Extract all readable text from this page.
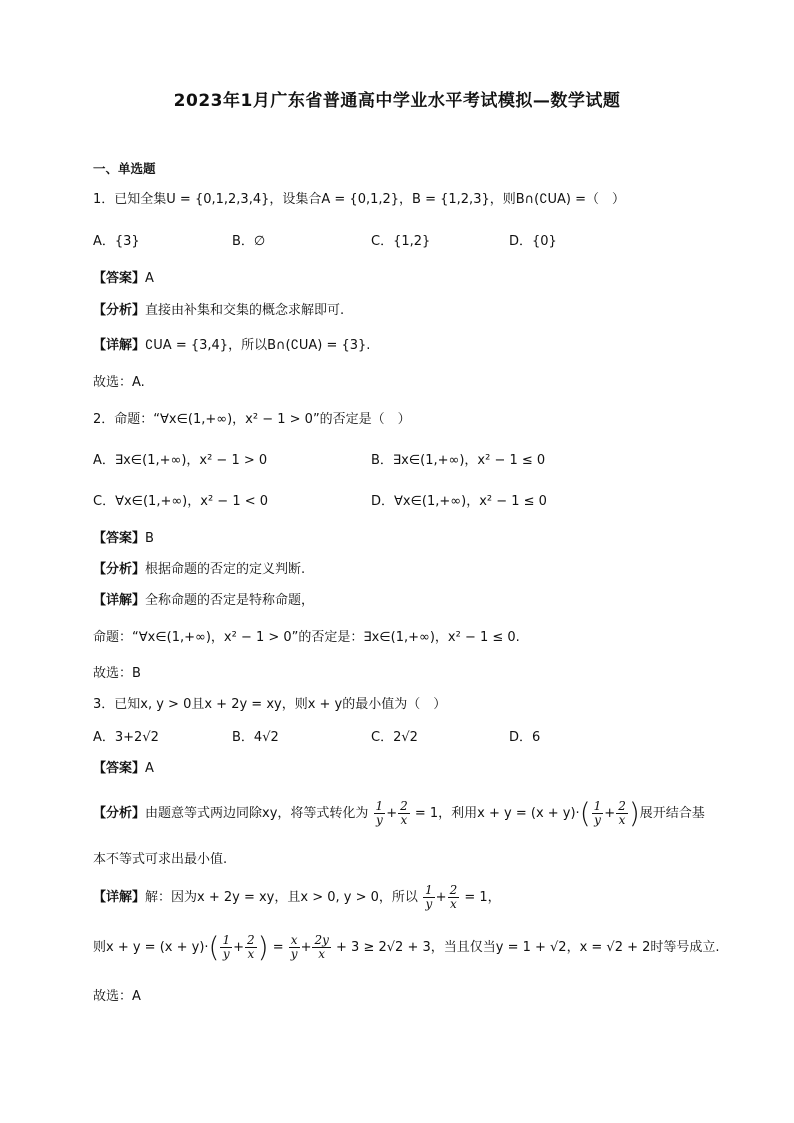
2023年1月广东省普通高中学业水平考试模拟—数学试题
一、单选题
1．已知全集U = {0,1,2,3,4}，设集合A = {0,1,2}，B = {1,2,3}，则B∩(∁UA) =（　）
A．{3}	B．∅	C．{1,2}	D．{0}
【答案】A
【分析】直接由补集和交集的概念求解即可.
【详解】∁UA = {3,4}，所以B∩(∁UA) = {3}.
故选：A.
2．命题：“∀x∈(1,+∞)，x² − 1 > 0”的否定是（　）
A．∃x∈(1,+∞)，x² − 1 > 0	B．∃x∈(1,+∞)，x² − 1 ≤ 0
C．∀x∈(1,+∞)，x² − 1 < 0	D．∀x∈(1,+∞)，x² − 1 ≤ 0
【答案】B
【分析】根据命题的否定的定义判断.
【详解】全称命题的否定是特称命题，
命题：“∀x∈(1,+∞)，x² − 1 > 0”的否定是：∃x∈(1,+∞)，x² − 1 ≤ 0.
故选：B
3．已知x, y > 0且x + 2y = xy，则x + y的最小值为（　）
A．3+2√2	B．4√2	C．2√2	D．6
【答案】A
【分析】由题意等式两边同除xy，将等式转化为 $\frac{1}{y} + \frac{2}{x} = 1$，利用$x + y = (x + y)\cdot( \frac{1}{y} + \frac{2}{x}$ )展开结合基
本不等式可求出最小值.
【详解】解：因为x + 2y = xy，且x > 0, y > 0，所以 $\frac{1}{y} + \frac{2}{x} = 1$，
则$x + y = (x + y)\cdot( \frac{1}{y} + \frac{2}{x}$ ) = $\frac{x}{y} + \frac{2y}{x} + 3 \ge 2√2 + 3$，当且仅当y = 1 + √2，x = √2 + 2时等号成立.
故选：A
